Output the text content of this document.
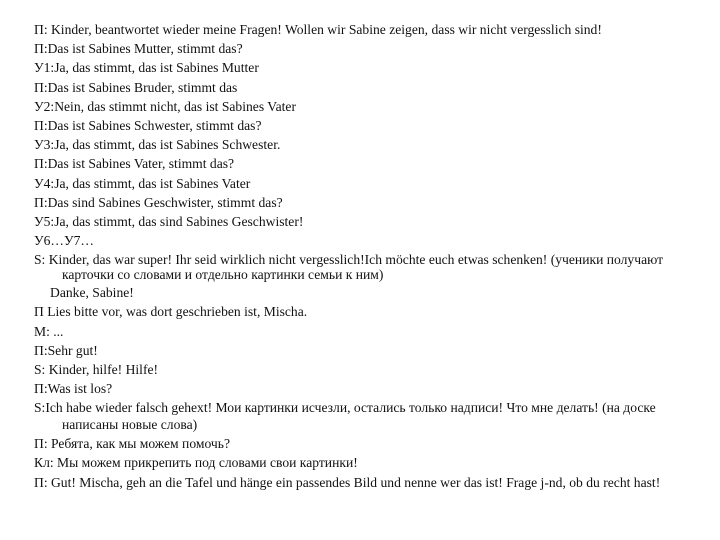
П: Kinder, beantwortet wieder meine Fragen! Wollen wir Sabine zeigen, dass wir nicht vergesslich sind!
П:Das ist Sabines Mutter, stimmt das?
У1:Ja, das stimmt, das ist Sabines Mutter
П:Das ist Sabines Bruder, stimmt das
У2:Nein, das stimmt nicht, das ist Sabines Vater
П:Das ist Sabines Schwester, stimmt das?
У3:Ja, das stimmt, das ist Sabines Schwester.
П:Das ist Sabines Vater, stimmt das?
У4:Ja, das stimmt, das ist Sabines Vater
П:Das sind Sabines Geschwister, stimmt das?
У5:Ja, das stimmt, das sind Sabines Geschwister!
У6…У7…
S: Kinder, das war super! Ihr seid wirklich nicht vergesslich!Ich möchte euch etwas schenken! (ученики получают карточки со словами и отдельно картинки семьи к ним)
Danke, Sabine!
П Lies bitte vor, was dort geschrieben ist, Mischa.
M: ...
П:Sehr gut!
S: Kinder, hilfe! Hilfe!
П:Was ist los?
S:Ich habe wieder falsch gehext! Мои картинки исчезли, остались только надписи! Что мне делать! (на доске написаны новые слова)
П: Ребята, как мы можем помочь?
Кл: Мы можем прикрепить под словами свои картинки!
П: Gut! Mischa, geh an die Tafel und hänge ein passendes Bild und nenne wer das ist! Frage j-nd, ob du recht hast!
